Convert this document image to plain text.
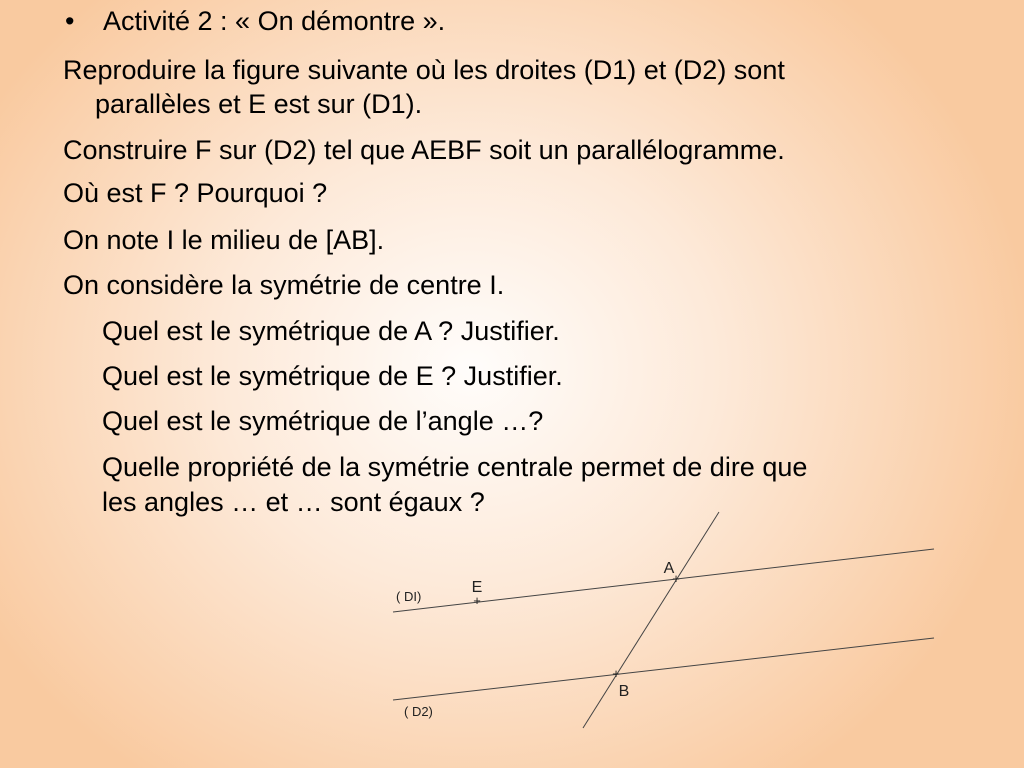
• Activité 2 : « On démontre ».
Reproduire la figure suivante où les droites (D1) et (D2) sont
parallèles et E est sur (D1).
Construire F sur (D2) tel que AEBF soit un parallélogramme.
Où est F ? Pourquoi ?
On note I le milieu de [AB].
On considère la symétrie de centre I.
Quel est le symétrique de A ? Justifier.
Quel est le symétrique de E ? Justifier.
Quel est le symétrique de l’angle …?
Quelle propriété de la symétrie centrale permet de dire que
les angles … et … sont égaux ?
+
+
+
A
E
B
( DI)
( D2)
